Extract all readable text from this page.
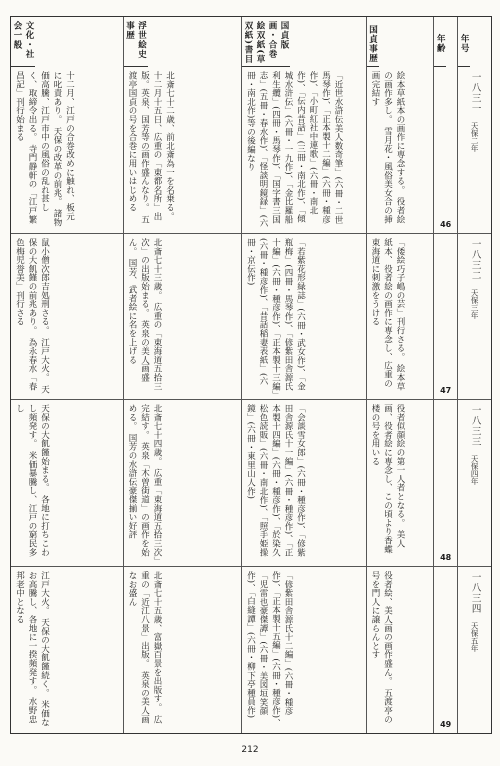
年号
一八三一
天保二年
一八三二
天保三年
一八三三
天保四年
一八三四
天保五年
年齢
46
47
48
49
国貞事歴
絵本草紙本の画作に専念する。 役者絵の画作多し。 雪月花・風俗美女合の挿画完結す
「倭絵巧子嶋の芸」刊行さる。 絵本草紙本、役者絵の画作に専念し、広重の東海道に刺激をうける
役者似顔絵の第一人者となる。 美人画、役者絵に専念し、この頃より香蝶楼の号を用いる
役者絵、美人画の画作盛ん。 五渡亭の号を門人に譲らんとす
国貞版画・合巻絵双紙(草双紙)書目
「近世水滸伝美人数奇筆」(六冊・二世馬琴作)、「正本製十二編」(六冊・種彦作)、「小町紅社中連歌」(六冊・南北作)、「伝内昔話」(三冊・南北作)、「傾城水浒伝」(六冊・一九作)、「金比羅船利生纜」(四冊・馬琴作)、「国字書三国志」(五冊・春水作)、「怪談明鏡録」(六冊・南北作)等の後編なり
「若紫花形緑誌」(六冊・武女作)、「金瓶梅」(四冊・馬琴作)、「偐紫田舎源氏十編」(六冊・種彦作)、「正本製十三編」(六冊・種彦作)、「昔話稲妻表紙」(六冊・京伝作)
「会談雪女郎」(六冊・種彦作)、「偐紫田舎源氏十一編」(六冊・種彦作)、「正本製十四編」(六冊・種彦作)、「於染久松色読販」(六冊・南北作)、「照手姫操鏡」(六冊・東里山人作)
「偐紫田舎源氏十二編」(六冊・種彦作)、「正本製十五編」(六冊・種彦作)、「児雷也豪傑譚」(六冊・美図垣笑顔作)、「白縫譚」(六冊・柳下亭種員作)
浮世絵史事歴
北斎七十二歳、前北斎為一を名乗る。 十二月十五日、広重の「東都名所」出版。英泉、国芳等の画作盛んなり。 五渡亭国貞の号を合巻に用いはじめる
北斎七十三歳。 広重の「東海道五拾三次」の出版始まる。 英泉の美人画盛ん。 国芳、武者絵に名を上げる
北斎七十四歳。 広重「東海道五拾三次」完結す。 英泉「木曽街道」の画作を始める。 国芳の水滸伝豪傑揃い好評
北斎七十五歳、富嶽百景を出版す。 広重の「近江八景」出版。 英泉の美人画なお盛ん
文化・社会一般
十二月、江戸の合巻改めに触れ、板元に叱責あり。 天保の改革の前兆。 諸物価高騰、江戸市中の風俗の乱れ甚しく、取締令出る。 寺門静軒の「江戸繁昌記」刊行始まる
鼠小僧次郎吉処刑さる。 江戸大火。 天保の大飢饉の前兆あり。 為永春水「春色梅児誉美」刊行さる
天保の大飢饉始まる。 各地に打ちこわし頻発す。 米価暴騰し、江戸の窮民多し
江戸大火。 天保の大飢饉続く。 米価なお高騰し、各地に一揆頻発す。 水野忠邦老中となる
212
